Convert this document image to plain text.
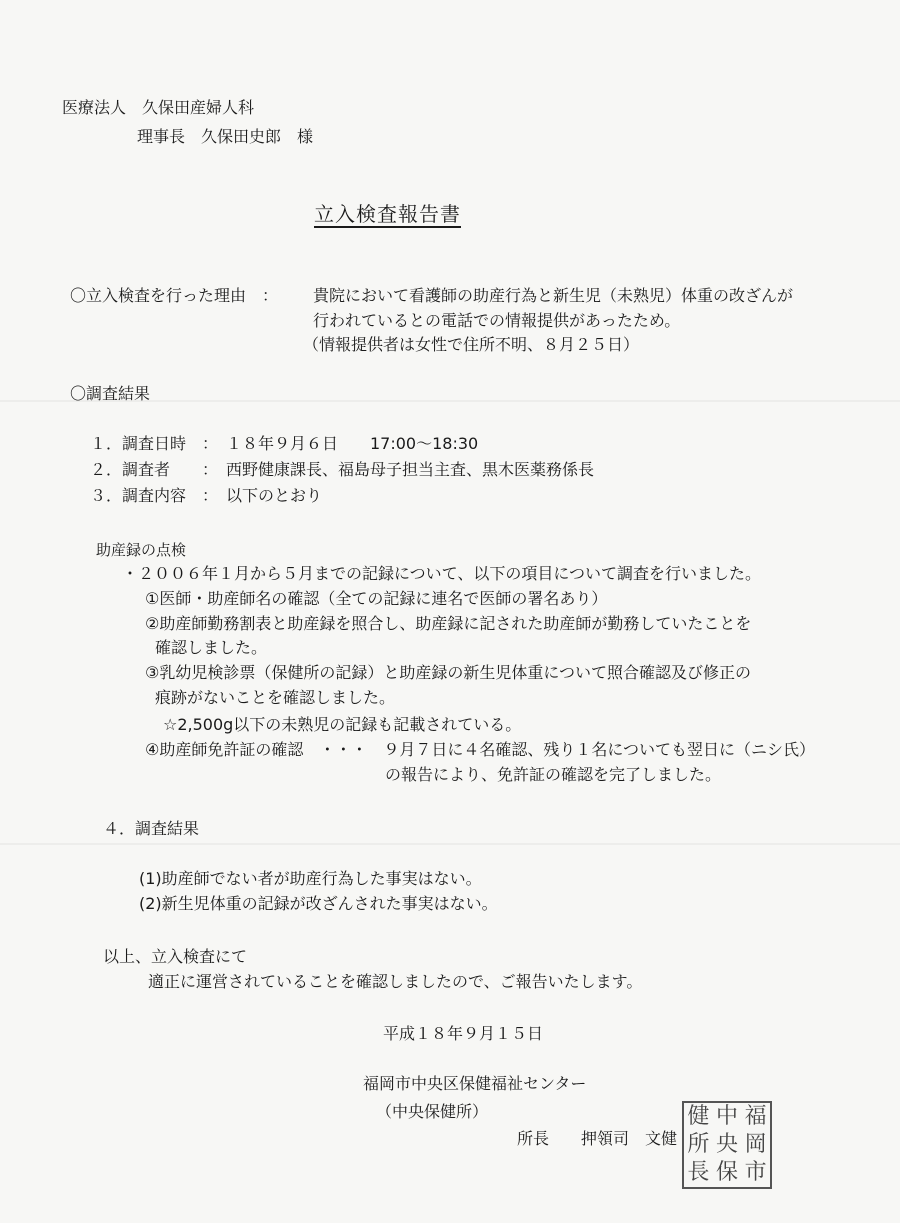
医療法人　久保田産婦人科
理事長　久保田史郎　様
立入検査報告書
〇立入検査を行った理由　： 貴院において看護師の助産行為と新生児（未熟児）体重の改ざんが
行われているとの電話での情報提供があったため。
（情報提供者は女性で住所不明、８月２５日）
〇調査結果
１．調査日時　：　１８年９月６日　　17:00～18:30
２．調査者　　：　西野健康課長、福島母子担当主査、黒木医薬務係長
３．調査内容　：　以下のとおり
助産録の点検
・２００６年１月から５月までの記録について、以下の項目について調査を行いました。
①医師・助産師名の確認（全ての記録に連名で医師の署名あり）
②助産師勤務割表と助産録を照合し、助産録に記された助産師が勤務していたことを
確認しました。
③乳幼児検診票（保健所の記録）と助産録の新生児体重について照合確認及び修正の
痕跡がないことを確認しました。
☆2,500g以下の未熟児の記録も記載されている。
④助産師免許証の確認　・・・　９月７日に４名確認、残り１名についても翌日に（ニシ氏）
の報告により、免許証の確認を完了しました。
４．調査結果
(1)助産師でない者が助産行為した事実はない。
(2)新生児体重の記録が改ざんされた事実はない。
以上、立入検査にて
適正に運営されていることを確認しましたので、ご報告いたします。
平成１８年９月１５日
福岡市中央区保健福祉センター
（中央保健所）
所長　　押領司　文健
福
岡
市
中
央
保
健
所
長
